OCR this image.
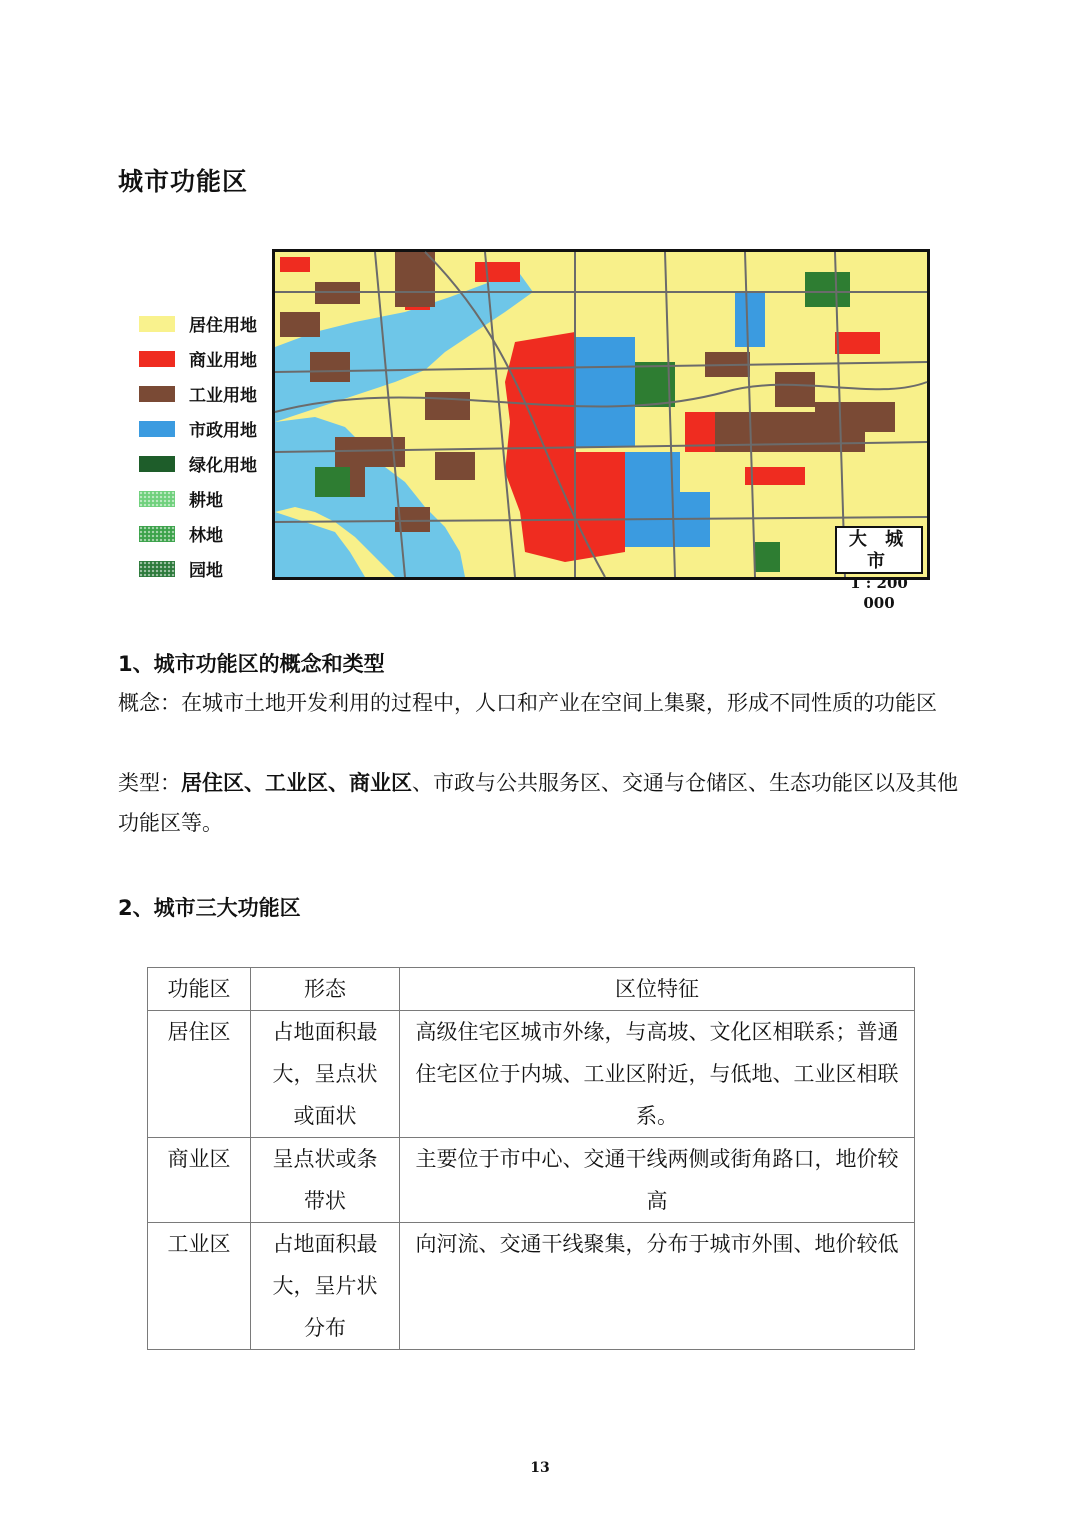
城市功能区
居住用地
商业用地
工业用地
市政用地
绿化用地
耕地
林地
园地
大 城 市
1 : 200 000
1、城市功能区的概念和类型
概念：在城市土地开发利用的过程中，人口和产业在空间上集聚，形成不同性质的功能区
类型：居住区、工业区、商业区、市政与公共服务区、交通与仓储区、生态功能区以及其他功能区等。
2、城市三大功能区
功能区	形态	区位特征
居住区	占地面积最
大，呈点状
或面状	高级住宅区城市外缘，与高坡、文化区相联系；普通住宅区位于内城、工业区附近，与低地、工业区相联系。
商业区	呈点状或条
带状	主要位于市中心、交通干线两侧或街角路口，地价较高
工业区	占地面积最
大，呈片状
分布	向河流、交通干线聚集，分布于城市外围、地价较低
13
